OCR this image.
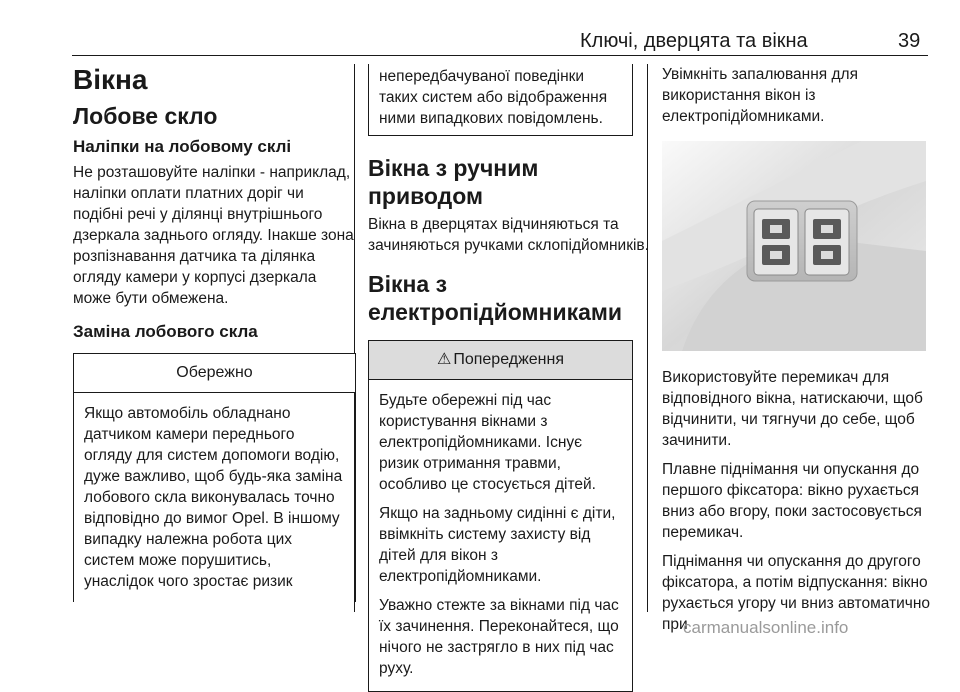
Ключі, дверцята та вікна	39
Вікна
Лобове скло
Наліпки на лобовому склі

Не розташовуйте наліпки - наприклад, наліпки оплати платних доріг чи подібні речі у ділянці внутрішнього дзеркала заднього огляду. Інакше зона розпізнавання датчика та ділянка огляду камери у корпусі дзеркала може бути обмежена.

Заміна лобового скла
Обережно

Якщо автомобіль обладнано датчиком камери переднього огляду для систем допомоги водію, дуже важливо, щоб будь-яка заміна лобового скла виконувалась точно відповідно до вимог Opel. В іншому випадку належна робота цих систем може порушитись, унаслідок чого зростає ризик

непередбачуваної поведінки таких систем або відображення ними випадкових повідомлень.

Вікна з ручним приводом

Вікна в дверцятах відчиняються та зачиняються ручками склопідйомників.

Вікна з електропідйомниками
⚠ Попередження

Будьте обережні під час користування вікнами з електропідйомниками. Існує ризик отримання травми, особливо це стосується дітей.

Якщо на задньому сидінні є діти, ввімкніть систему захисту від дітей для вікон з електропідйомниками.

Уважно стежте за вікнами під час їх зачинення. Переконайтеся, що нічого не застрягло в них під час руху.

Увімкніть запалювання для використання вікон із електропідйомниками.

Використовуйте перемикач для відповідного вікна, натискаючи, щоб відчинити, чи тягнучи до себе, щоб зачинити.

Плавне піднімання чи опускання до першого фіксатора: вікно рухається вниз або вгору, поки застосовується перемикач.

Піднімання чи опускання до другого фіксатора, а потім відпускання: вікно рухається угору чи вниз автоматично при

carmanualsonline.info
